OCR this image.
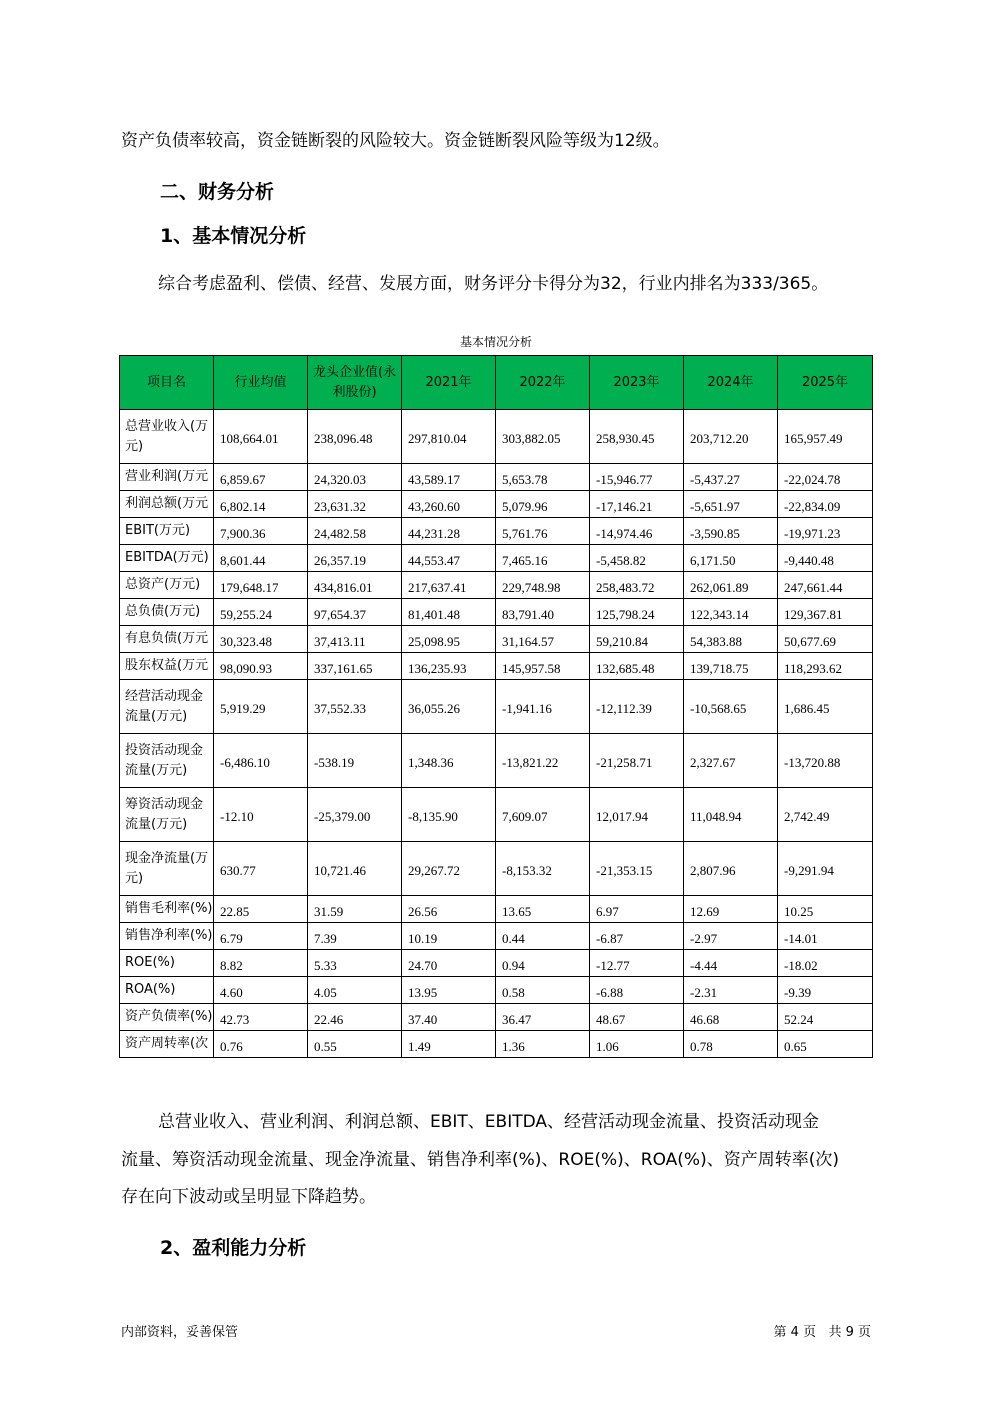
资产负债率较高，资金链断裂的风险较大。资金链断裂风险等级为12级。
二、财务分析
1、基本情况分析
综合考虑盈利、偿债、经营、发展方面，财务评分卡得分为32，行业内排名为333/365。
基本情况分析
项目名	行业均值	龙头企业值(永利股份)	2021年	2022年	2023年	2024年	2025年
总营业收入(万元)	108,664.01	238,096.48	297,810.04	303,882.05	258,930.45	203,712.20	165,957.49
营业利润(万元	6,859.67	24,320.03	43,589.17	5,653.78	-15,946.77	-5,437.27	-22,024.78
利润总额(万元	6,802.14	23,631.32	43,260.60	5,079.96	-17,146.21	-5,651.97	-22,834.09
EBIT(万元)	7,900.36	24,482.58	44,231.28	5,761.76	-14,974.46	-3,590.85	-19,971.23
EBITDA(万元)	8,601.44	26,357.19	44,553.47	7,465.16	-5,458.82	6,171.50	-9,440.48
总资产(万元)	179,648.17	434,816.01	217,637.41	229,748.98	258,483.72	262,061.89	247,661.44
总负债(万元)	59,255.24	97,654.37	81,401.48	83,791.40	125,798.24	122,343.14	129,367.81
有息负债(万元	30,323.48	37,413.11	25,098.95	31,164.57	59,210.84	54,383.88	50,677.69
股东权益(万元	98,090.93	337,161.65	136,235.93	145,957.58	132,685.48	139,718.75	118,293.62
经营活动现金流量(万元)	5,919.29	37,552.33	36,055.26	-1,941.16	-12,112.39	-10,568.65	1,686.45
投资活动现金流量(万元)	-6,486.10	-538.19	1,348.36	-13,821.22	-21,258.71	2,327.67	-13,720.88
筹资活动现金流量(万元)	-12.10	-25,379.00	-8,135.90	7,609.07	12,017.94	11,048.94	2,742.49
现金净流量(万元)	630.77	10,721.46	29,267.72	-8,153.32	-21,353.15	2,807.96	-9,291.94
销售毛利率(%)	22.85	31.59	26.56	13.65	6.97	12.69	10.25
销售净利率(%)	6.79	7.39	10.19	0.44	-6.87	-2.97	-14.01
ROE(%)	8.82	5.33	24.70	0.94	-12.77	-4.44	-18.02
ROA(%)	4.60	4.05	13.95	0.58	-6.88	-2.31	-9.39
资产负债率(%)	42.73	22.46	37.40	36.47	48.67	46.68	52.24
资产周转率(次	0.76	0.55	1.49	1.36	1.06	0.78	0.65
总营业收入、营业利润、利润总额、EBIT、EBITDA、经营活动现金流量、投资活动现金
流量、筹资活动现金流量、现金净流量、销售净利率(%)、ROE(%)、ROA(%)、资产周转率(次)
存在向下波动或呈明显下降趋势。
2、盈利能力分析
内部资料，妥善保管	第 4 页   共 9 页
